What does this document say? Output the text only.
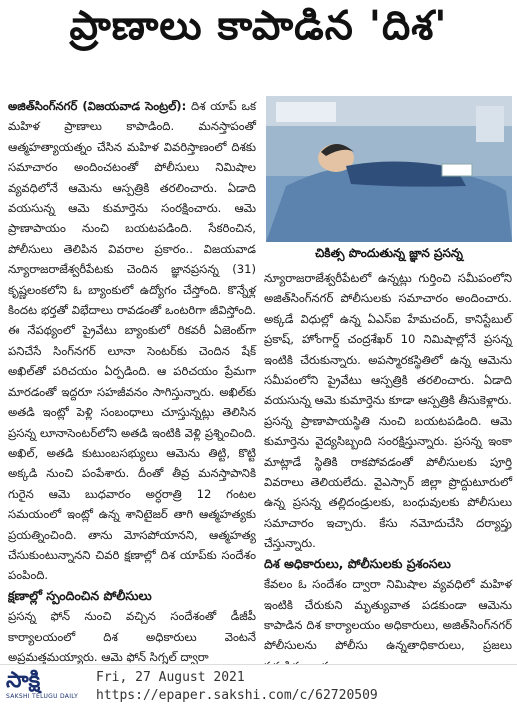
ప్రాణాలు కాపాడిన 'దిశ'

అజిత్‌సింగ్‌నగర్ (విజయవాడ సెంట్రల్): దిశ యాప్ ఒక మహిళ ప్రాణాలు కాపాడింది. మనస్తాపంతో ఆత్మహత్యాయత్నం చేసిన మహిళ వివరిస్తాణంలో దిశకు సమాచారం అందించటంతో పోలీసులు నిమిషాల వ్యవధిలోనే ఆమెను ఆస్పత్రికి తరలించారు. ఏడాది వయసున్న ఆమె కుమార్తెను సంరక్షించారు. ఆమె ప్రాణాపాయం నుంచి బయటపడింది. సేకరించిన, పోలీసులు తెలిపిన వివరాల ప్రకారం.. విజయవాడ న్యూరాజరాజేశ్వరీపేటకు చెందిన జ్ఞానప్రసన్న (31) కృష్ణలంకలోని ఓ బ్యాంకులో ఉద్యోగం చేస్తోంది. కొన్నేళ్ల కిందట భర్తతో విభేదాలు రావడంతో ఒంటరిగా జీవిస్తోంది. ఈ నేపథ్యంలో ప్రైవేటు బ్యాంకులో రికవరీ ఏజెంట్‌గా పనిచేసే సింగ్‌నగర్ లూనా సెంటర్‌కు చెందిన షేక్ అఖిల్‌తో పరిచయం ఏర్పడింది. ఆ పరిచయం ప్రేమగా మారడంతో ఇద్దరూ సహజీవనం సాగిస్తున్నారు. అఖిల్‌కు అతడి ఇంట్లో పెళ్లి సంబంధాలు చూస్తున్నట్లు తెలిసిన ప్రసన్న లూనాసెంటర్‌లోని అతడి ఇంటికి వెళ్లి ప్రశ్నించింది. అఖిల్, అతడి కుటుంబసభ్యులు ఆమెను తిట్టి, కొట్టి అక్కడి నుంచి పంపేశారు. దీంతో తీవ్ర మనస్తాపానికి గురైన ఆమె బుధవారం అర్ధరాత్రి 12 గంటల సమయంలో ఇంట్లో ఉన్న శానిటైజర్ తాగి ఆత్మహత్యకు ప్రయత్నించింది. తాను మోసపోయానని, ఆత్మహత్య చేసుకుంటున్నానని చివరి క్షణాల్లో దిశ యాప్‌కు సందేశం పంపింది.

క్షణాల్లో స్పందించిన పోలీసులు

ప్రసన్న ఫోన్ నుంచి వచ్చిన సందేశంతో డీజీపీ కార్యాలయంలో దిశ అధికారులు వెంటనే అప్రమత్తమయ్యారు. ఆమె ఫోన్ సిగ్నల్ ద్వారా

చికిత్స పొందుతున్న జ్ఞాన ప్రసన్న

న్యూరాజరాజేశ్వరీపేటలో ఉన్నట్లు గుర్తించి సమీపంలోని అజిత్‌సింగ్‌నగర్ పోలీసులకు సమాచారం అందించారు. అక్కడే విధుల్లో ఉన్న ఏఎస్‌ఐ హేమచంద్, కానిస్టేబుల్ ప్రకాష్, హోంగార్డ్ చంద్రశేఖర్ 10 నిమిషాల్లోనే ప్రసన్న ఇంటికి చేరుకున్నారు. అపస్మారకస్థితిలో ఉన్న ఆమెను సమీపంలోని ప్రైవేటు ఆస్పత్రికి తరలించారు. ఏడాది వయసున్న ఆమె కుమార్తెను కూడా ఆస్పత్రికి తీసుకెళ్లారు. ప్రసన్న ప్రాణాపాయస్థితి నుంచి బయటపడింది. ఆమె కుమార్తెను వైద్యసిబ్బంది సంరక్షిస్తున్నారు. ప్రసన్న ఇంకా మాట్లాడే స్థితికి రాకపోవడంతో పోలీసులకు పూర్తి వివరాలు తెలియలేదు. వైఎస్సార్ జిల్లా ప్రొద్దుటూరులో ఉన్న ప్రసన్న తల్లిదండ్రులకు, బంధువులకు పోలీసులు సమాచారం ఇచ్చారు. కేసు నమోదుచేసి దర్యాప్తు చేస్తున్నారు.

దిశ అధికారులు, పోలీసులకు ప్రశంసలు

కేవలం ఓ సందేశం ద్వారా నిమిషాల వ్యవధిలో మహిళ ఇంటికి చేరుకుని మృత్యువాత పడకుండా ఆమెను కాపాడిన దిశ కార్యాలయం అధికారులు, అజిత్‌సింగ్‌నగర్ పోలీసులను పోలీసు ఉన్నతాధికారులు, ప్రజలు

సాక్షి
SAKSHI TELUGU DAILY
Fri, 27 August 2021
https://epaper.sakshi.com/c/62720509
